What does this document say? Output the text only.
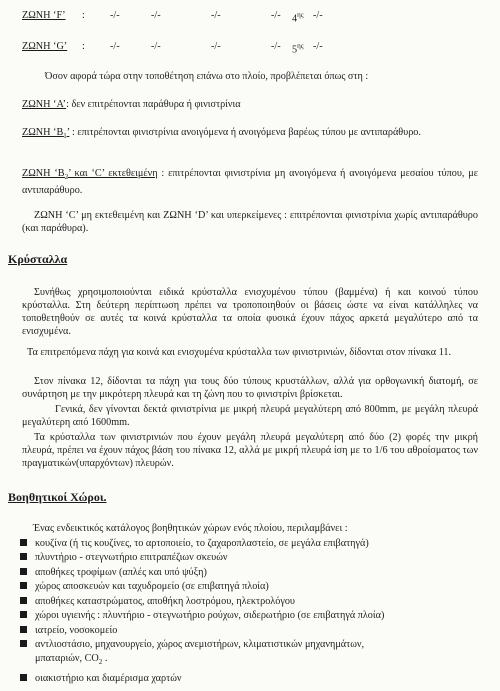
ΖΩΝΗ ‘F’ : -/-	-/-	-/-	-/- $4^{\eta\varsigma}$ -/-
ΖΩΝΗ ‘G’ : -/-	-/-	-/-	-/- $5^{\eta\varsigma}$ -/-
Όσον αφορά τώρα στην τοποθέτηση επάνω στο πλοίο, προβλέπεται όπως στη :
ΖΩΝΗ ‘A’: δεν επιτρέπονται παράθυρα ή φινιστρίνια

ΖΩΝΗ ‘$B_1$’ : επιτρέπονται φινιστρίνια ανοιγόμενα ή ανοιγόμενα βαρέως τύπου με αντιπαράθυρο.

ΖΩΝΗ ‘$B_2$’ και ‘C’ εκτεθειμένη : επιτρέπονται φινιστρίνια μη ανοιγόμενα ή ανοιγόμενα μεσαίου τύπου, με αντιπαράθυρο.

ΖΩΝΗ ‘C’ μη εκτεθειμένη και ΖΩΝΗ ‘D’ και υπερκείμενες : επιτρέπονται φινιστρίνια χωρίς αντιπαράθυρο (και παράθυρα).

Κρύσταλλα

Συνήθως χρησιμοποιούνται ειδικά κρύσταλλα ενισχυμένου τύπου (βαμμένα) ή και κοινού τύπου κρύσταλλα. Στη δεύτερη περίπτωση πρέπει να τροποποιηθούν οι βάσεις ώστε να είναι κατάλληλες να τοποθετηθούν σε αυτές τα κοινά κρύσταλλα τα οποία φυσικά έχουν πάχος αρκετά μεγαλύτερο από τα ενισχυμένα.

Τα επιτρεπόμενα πάχη για κοινά και ενισχυμένα κρύσταλλα των φινιστρινιών, δίδονται στον πίνακα 11.

Στον πίνακα 12, δίδονται τα πάχη για τους δύο τύπους κρυστάλλων, αλλά για ορθογωνική διατομή, σε συνάρτηση με την μικρότερη πλευρά και τη ζώνη που το φινιστρίνι βρίσκεται.

Γενικά, δεν γίνονται δεκτά φινιστρίνια με μικρή πλευρά μεγαλύτερη από 800mm, με μεγάλη πλευρά μεγαλύτερη από 1600mm.

Τα κρύσταλλα των φινιστρινιών που έχουν μεγάλη πλευρά μεγαλύτερη από δύο (2) φορές την μικρή πλευρά, πρέπει να έχουν πάχος βάση του πίνακα 12, αλλά με μικρή πλευρά ίση με το 1/6 του αθροίσματος των πραγματικών(υπαρχόντων) πλευρών.

Βοηθητικοί Χώροι.
Ένας ενδεικτικός κατάλογος βοηθητικών χώρων ενός πλοίου, περιλαμβάνει :
κουζίνα (ή τις κουζίνες, το αρτοποιείο, το ζαχαροπλαστείο, σε μεγάλα επιβατηγά)
πλυντήριο - στεγνωτήριο επιτραπέζιων σκευών
αποθήκες τροφίμων (απλές και υπό ψύξη)
χώρος αποσκευών και ταχυδρομείο (σε επιβατηγά πλοία)
αποθήκες καταστρώματος, αποθήκη λοστρόμου, ηλεκτρολόγου
χώροι υγιεινής : πλυντήριο - στεγνωτήριο ρούχων, σιδερωτήριο (σε επιβατηγά πλοία)
ιατρείο, νοσοκομείο
αντλιοστάσιο, μηχανουργείο, χώρος ανεμιστήρων, κλιματιστικών μηχανημάτων,
μπαταριών, $CO_2$ .
οιακιστήριο και διαμέρισμα χαρτών
